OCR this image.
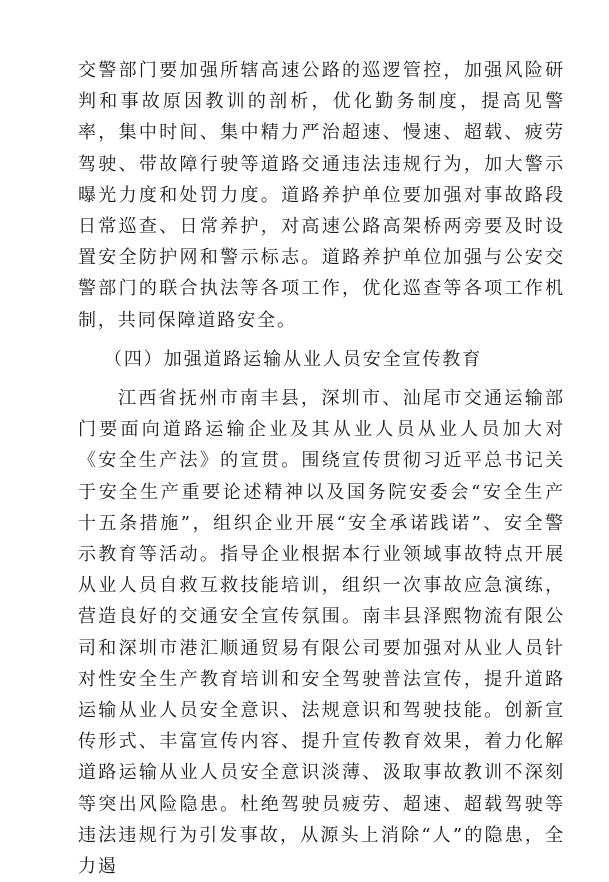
交警部门要加强所辖高速公路的巡逻管控，加强风险研判和事故原因教训的剖析，优化勤务制度，提高见警率，集中时间、集中精力严治超速、慢速、超载、疲劳驾驶、带故障行驶等道路交通违法违规行为，加大警示曝光力度和处罚力度。道路养护单位要加强对事故路段日常巡查、日常养护，对高速公路高架桥两旁要及时设置安全防护网和警示标志。道路养护单位加强与公安交警部门的联合执法等各项工作，优化巡查等各项工作机制，共同保障道路安全。

（四）加强道路运输从业人员安全宣传教育

江西省抚州市南丰县，深圳市、汕尾市交通运输部门要面向道路运输企业及其从业人员从业人员加大对《安全生产法》的宣贯。围绕宣传贯彻习近平总书记关于安全生产重要论述精神以及国务院安委会“安全生产十五条措施”，组织企业开展“安全承诺践诺”、安全警示教育等活动。指导企业根据本行业领域事故特点开展从业人员自救互救技能培训，组织一次事故应急演练，营造良好的交通安全宣传氛围。南丰县泽熙物流有限公司和深圳市港汇顺通贸易有限公司要加强对从业人员针对性安全生产教育培训和安全驾驶普法宣传，提升道路运输从业人员安全意识、法规意识和驾驶技能。创新宣传形式、丰富宣传内容、提升宣传教育效果，着力化解道路运输从业人员安全意识淡薄、汲取事故教训不深刻等突出风险隐患。杜绝驾驶员疲劳、超速、超载驾驶等违法违规行为引发事故，从源头上消除“人”的隐患，全力遏
